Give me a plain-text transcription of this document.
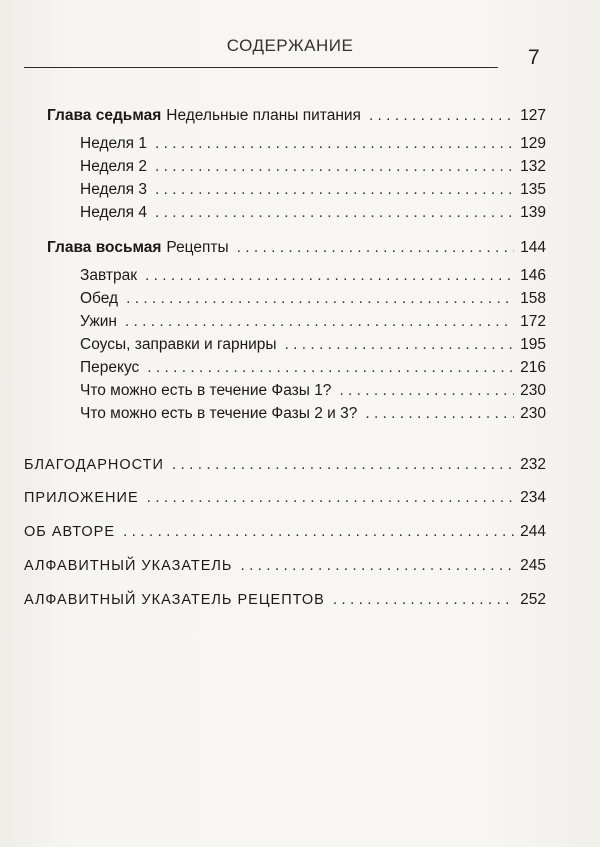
СОДЕРЖАНИЕ
7
Глава седьмая Недельные планы питания . . .	127
Неделя 1 . . .	129
Неделя 2 . . .	132
Неделя 3 . . .	135
Неделя 4 . . .	139
Глава восьмая Рецепты . . .	144
Завтрак . . .	146
Обед . . .	158
Ужин . . .	172
Соусы, заправки и гарниры . . .	195
Перекус . . .	216
Что можно есть в течение Фазы 1? . . .	230
Что можно есть в течение Фазы 2 и 3? . . .	230
БЛАГОДАРНОСТИ . . .	232
ПРИЛОЖЕНИЕ . . .	234
ОБ АВТОРЕ . . .	244
АЛФАВИТНЫЙ УКАЗАТЕЛЬ . . .	245
АЛФАВИТНЫЙ УКАЗАТЕЛЬ РЕЦЕПТОВ . . .	252
